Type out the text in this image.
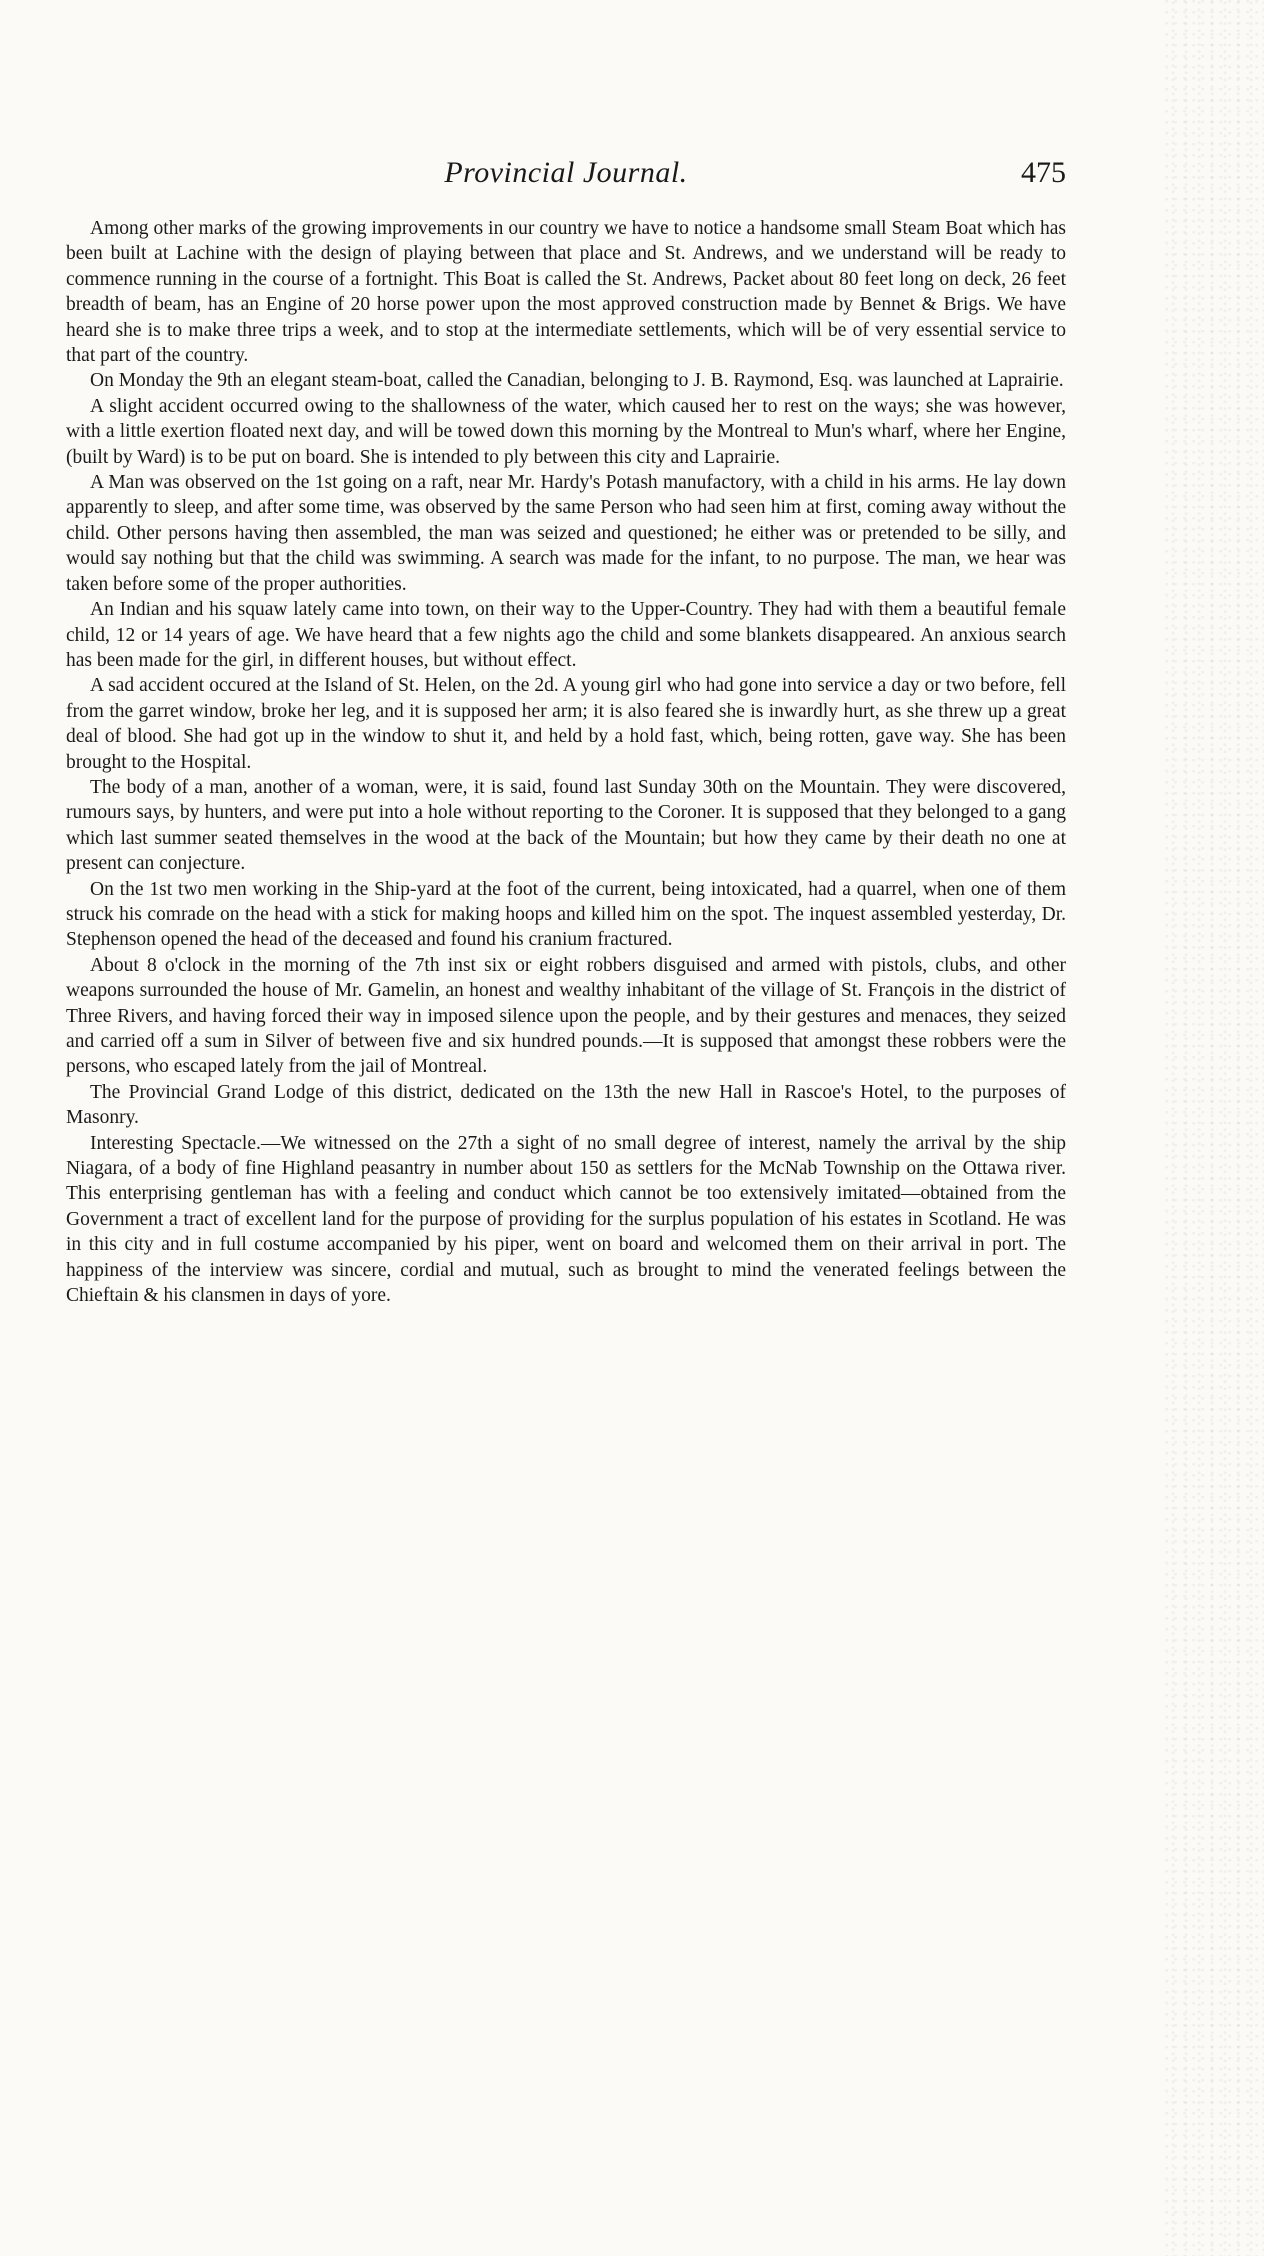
Provincial Journal.	475

Among other marks of the growing improvements in our country we have to notice a handsome small Steam Boat which has been built at Lachine with the design of playing between that place and St. Andrews, and we understand will be ready to commence running in the course of a fortnight. This Boat is called the St. Andrews, Packet about 80 feet long on deck, 26 feet breadth of beam, has an Engine of 20 horse power upon the most approved construction made by Bennet & Brigs. We have heard she is to make three trips a week, and to stop at the intermediate settlements, which will be of very essential service to that part of the country.

On Monday the 9th an elegant steam-boat, called the Canadian, belonging to J. B. Raymond, Esq. was launched at Laprairie.

A slight accident occurred owing to the shallowness of the water, which caused her to rest on the ways; she was however, with a little exertion floated next day, and will be towed down this morning by the Montreal to Mun's wharf, where her Engine, (built by Ward) is to be put on board. She is intended to ply between this city and Laprairie.

A Man was observed on the 1st going on a raft, near Mr. Hardy's Potash manufactory, with a child in his arms. He lay down apparently to sleep, and after some time, was observed by the same Person who had seen him at first, coming away without the child. Other persons having then assembled, the man was seized and questioned; he either was or pretended to be silly, and would say nothing but that the child was swimming. A search was made for the infant, to no purpose. The man, we hear was taken before some of the proper authorities.

An Indian and his squaw lately came into town, on their way to the Upper-Country. They had with them a beautiful female child, 12 or 14 years of age. We have heard that a few nights ago the child and some blankets disappeared. An anxious search has been made for the girl, in different houses, but without effect.

A sad accident occured at the Island of St. Helen, on the 2d. A young girl who had gone into service a day or two before, fell from the garret window, broke her leg, and it is supposed her arm; it is also feared she is inwardly hurt, as she threw up a great deal of blood. She had got up in the window to shut it, and held by a hold fast, which, being rotten, gave way. She has been brought to the Hospital.

The body of a man, another of a woman, were, it is said, found last Sunday 30th on the Mountain. They were discovered, rumours says, by hunters, and were put into a hole without reporting to the Coroner. It is supposed that they belonged to a gang which last summer seated themselves in the wood at the back of the Mountain; but how they came by their death no one at present can conjecture.

On the 1st two men working in the Ship-yard at the foot of the current, being intoxicated, had a quarrel, when one of them struck his comrade on the head with a stick for making hoops and killed him on the spot. The inquest assembled yesterday, Dr. Stephenson opened the head of the deceased and found his cranium fractured.

About 8 o'clock in the morning of the 7th inst six or eight robbers disguised and armed with pistols, clubs, and other weapons surrounded the house of Mr. Gamelin, an honest and wealthy inhabitant of the village of St. François in the district of Three Rivers, and having forced their way in imposed silence upon the people, and by their gestures and menaces, they seized and carried off a sum in Silver of between five and six hundred pounds.—It is supposed that amongst these robbers were the persons, who escaped lately from the jail of Montreal.

The Provincial Grand Lodge of this district, dedicated on the 13th the new Hall in Rascoe's Hotel, to the purposes of Masonry.

Interesting Spectacle.—We witnessed on the 27th a sight of no small degree of interest, namely the arrival by the ship Niagara, of a body of fine Highland peasantry in number about 150 as settlers for the McNab Township on the Ottawa river. This enterprising gentleman has with a feeling and conduct which cannot be too extensively imitated—obtained from the Government a tract of excellent land for the purpose of providing for the surplus population of his estates in Scotland. He was in this city and in full costume accompanied by his piper, went on board and welcomed them on their arrival in port. The happiness of the interview was sincere, cordial and mutual, such as brought to mind the venerated feelings between the Chieftain & his clansmen in days of yore.
